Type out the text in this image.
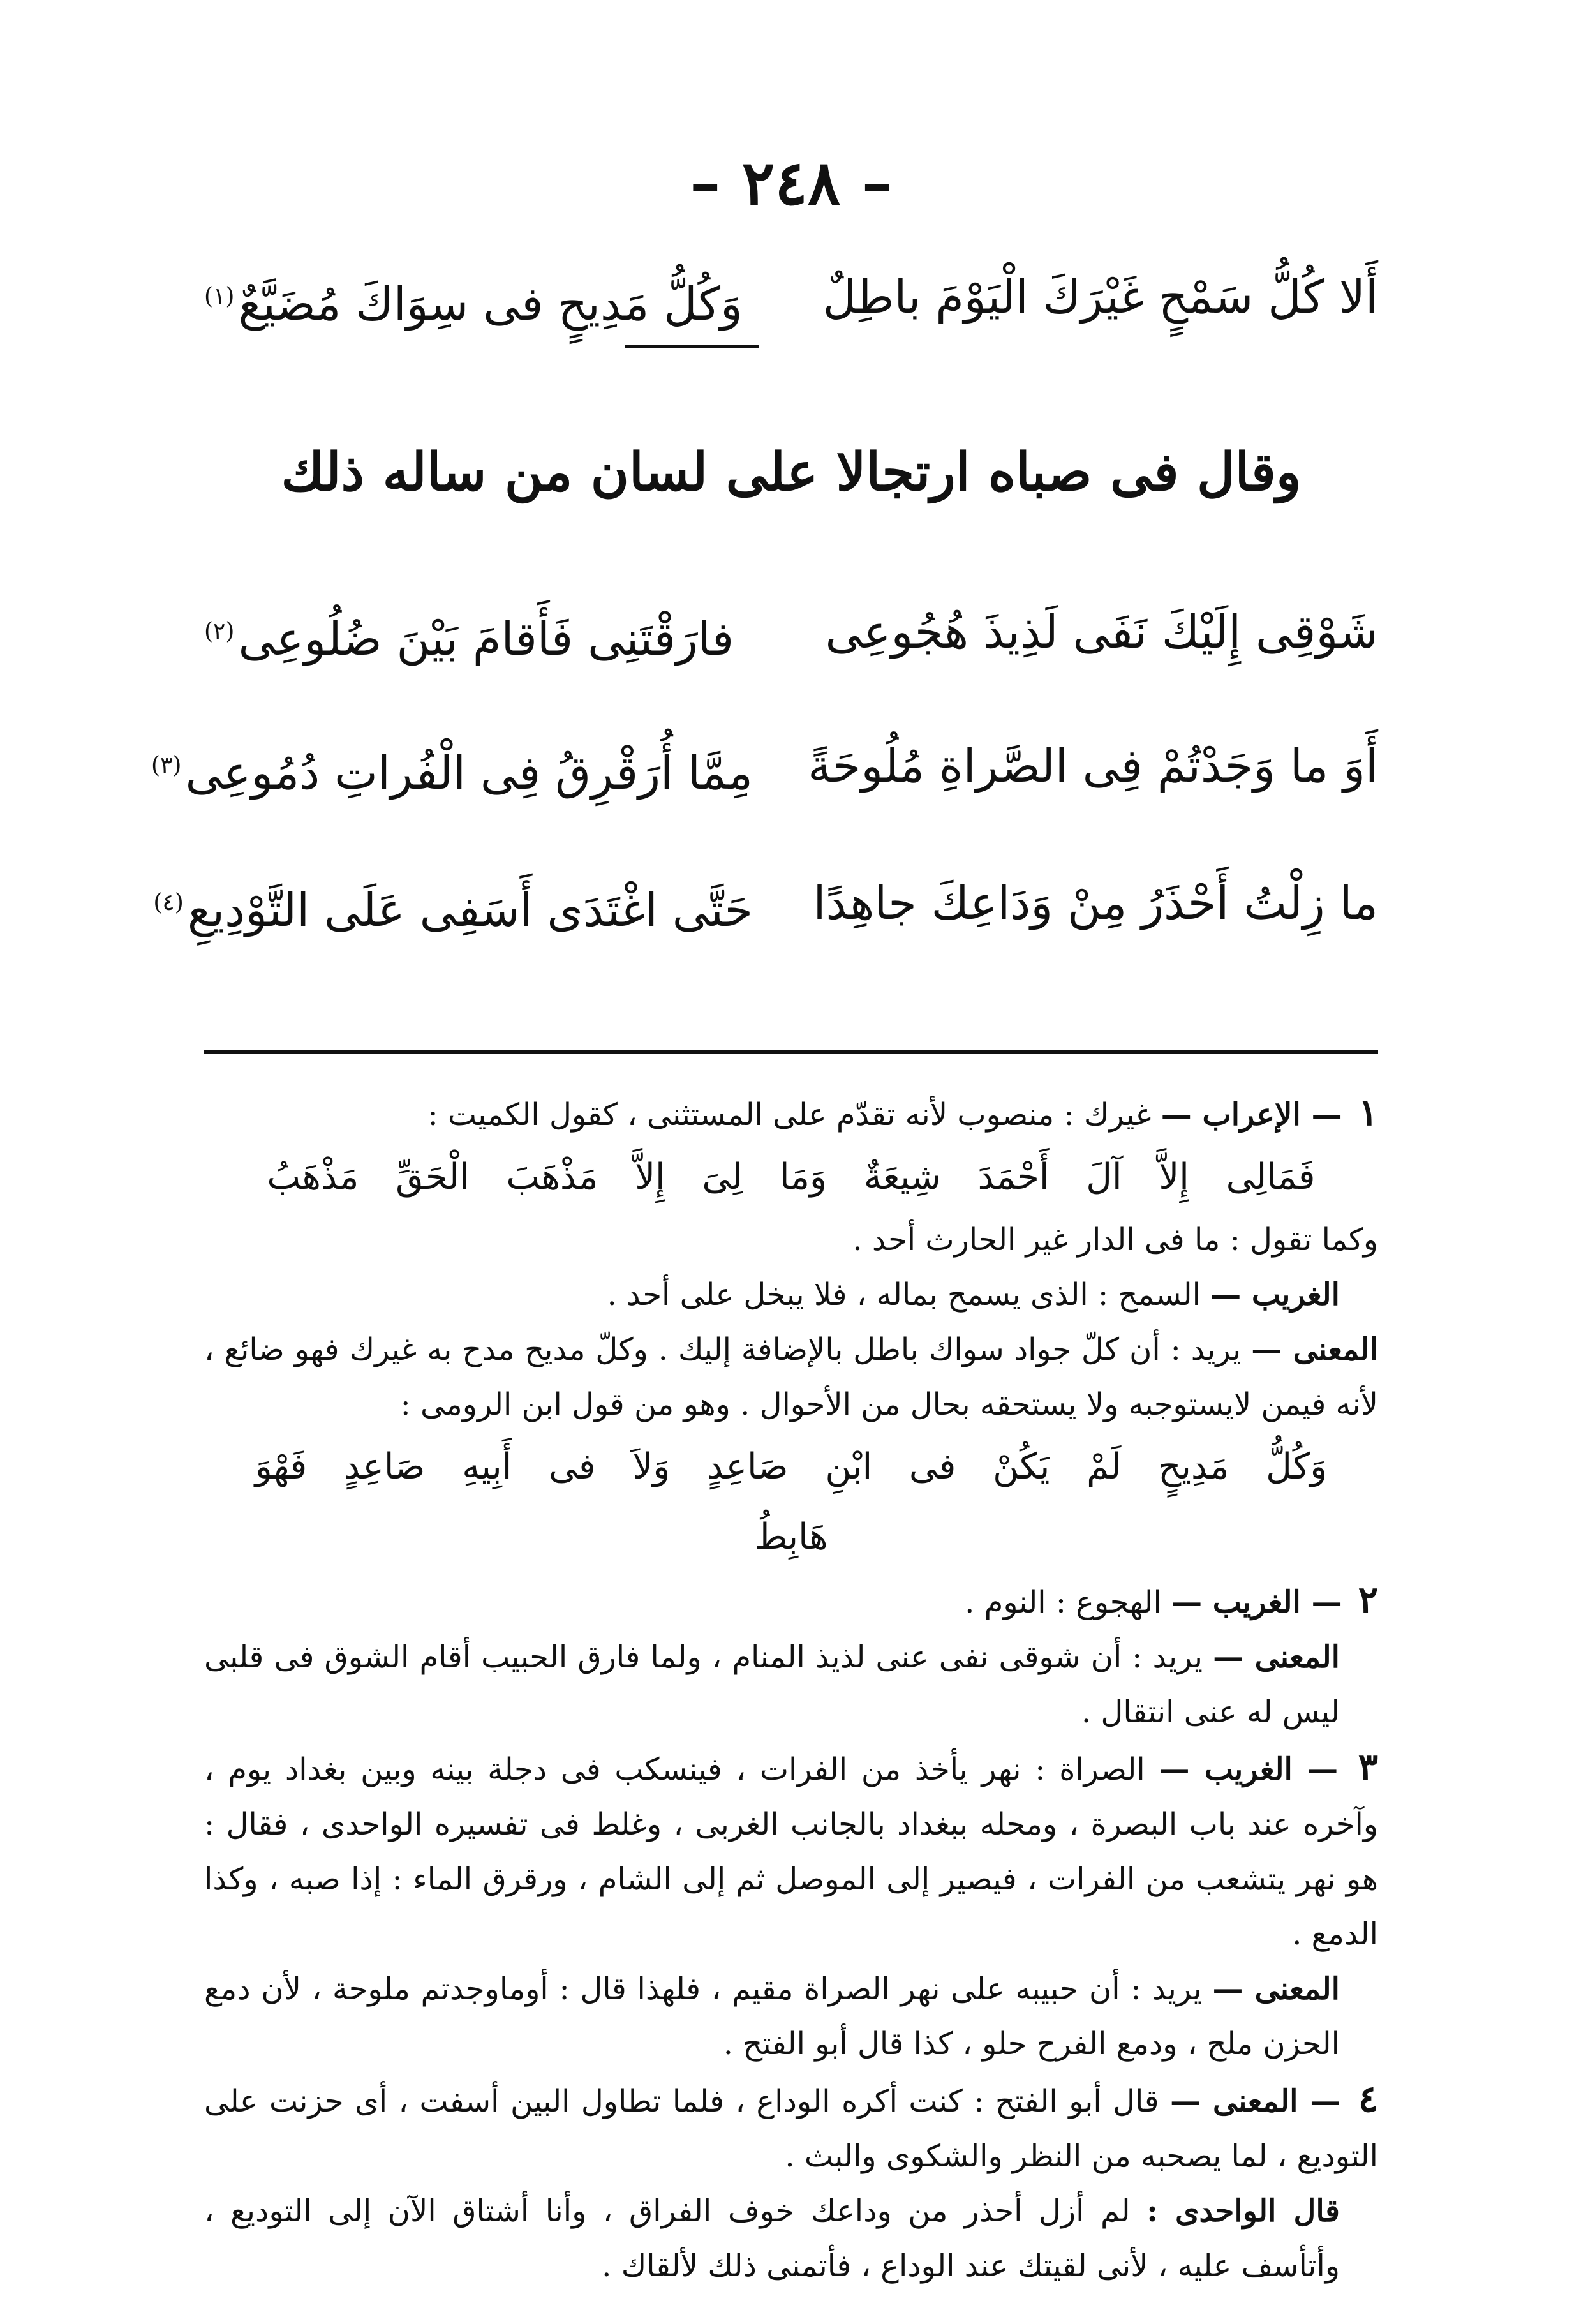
– ٢٤٨ –
أَلا كُلُّ سَمْحٍ غَيْرَكَ الْيَوْمَ باطِلٌ
وَكُلُّ مَدِيحٍ فى سِوَاكَ مُضَيَّعٌ$^{(١)}$
وقال فى صباه ارتجالا على لسان من ساله ذلك
شَوْقِى إِلَيْكَ نَفَى لَذِيذَ هُجُوعِى
فارَقْتَنِى فَأَقامَ بَيْنَ ضُلُوعِى$^{(٢)}$
أَوَ ما وَجَدْتُمْ فِى الصَّراةِ مُلُوحَةً
مِمَّا أُرَقْرِقُ فِى الْفُراتِ دُمُوعِى$^{(٣)}$
ما زِلْتُ أَحْذَرُ مِنْ وَدَاعِكَ جاهِدًا
حَتَّى اغْتَدَى أَسَفِى عَلَى التَّوْدِيعِ$^{(٤)}$

١ — الإعراب — غيرك : منصوب لأنه تقدّم على المستثنى ، كقول الكميت :

فَمَالِى إِلاَّ آلَ أَحْمَدَ شِيعَةٌ وَمَا لِىَ إِلاَّ مَذْهَبَ الْحَقِّ مَذْهَبُ

وكما تقول : ما فى الدار غير الحارث أحد .

الغريب — السمح : الذى يسمح بماله ، فلا يبخل على أحد .

المعنى — يريد : أن كلّ جواد سواك باطل بالإضافة إليك . وكلّ مديح مدح به غيرك فهو ضائع ، لأنه فيمن لايستوجبه ولا يستحقه بحال من الأحوال . وهو من قول ابن الرومى :

وَكُلُّ مَدِيحٍ لَمْ يَكُنْ فى ابْنِ صَاعِدٍ وَلاَ فى أَبِيهِ صَاعِدٍ فَهْوَ هَابِطُ

٢ — الغريب — الهجوع : النوم .

المعنى — يريد : أن شوقى نفى عنى لذيذ المنام ، ولما فارق الحبيب أقام الشوق فى قلبى ليس له عنى انتقال .

٣ — الغريب — الصراة : نهر يأخذ من الفرات ، فينسكب فى دجلة بينه وبين بغداد يوم ، وآخره عند باب البصرة ، ومحله ببغداد بالجانب الغربى ، وغلط فى تفسيره الواحدى ، فقال : هو نهر يتشعب من الفرات ، فيصير إلى الموصل ثم إلى الشام ، ورقرق الماء : إذا صبه ، وكذا الدمع .

المعنى — يريد : أن حبيبه على نهر الصراة مقيم ، فلهذا قال : أوماوجدتم ملوحة ، لأن دمع الحزن ملح ، ودمع الفرح حلو ، كذا قال أبو الفتح .

٤ — المعنى — قال أبو الفتح : كنت أكره الوداع ، فلما تطاول البين أسفت ، أى حزنت على التوديع ، لما يصحبه من النظر والشكوى والبث .

قال الواحدى : لم أزل أحذر من وداعك خوف الفراق ، وأنا أشتاق الآن إلى التوديع ، وأتأسف عليه ، لأنى لقيتك عند الوداع ، فأتمنى ذلك لألقاك .
